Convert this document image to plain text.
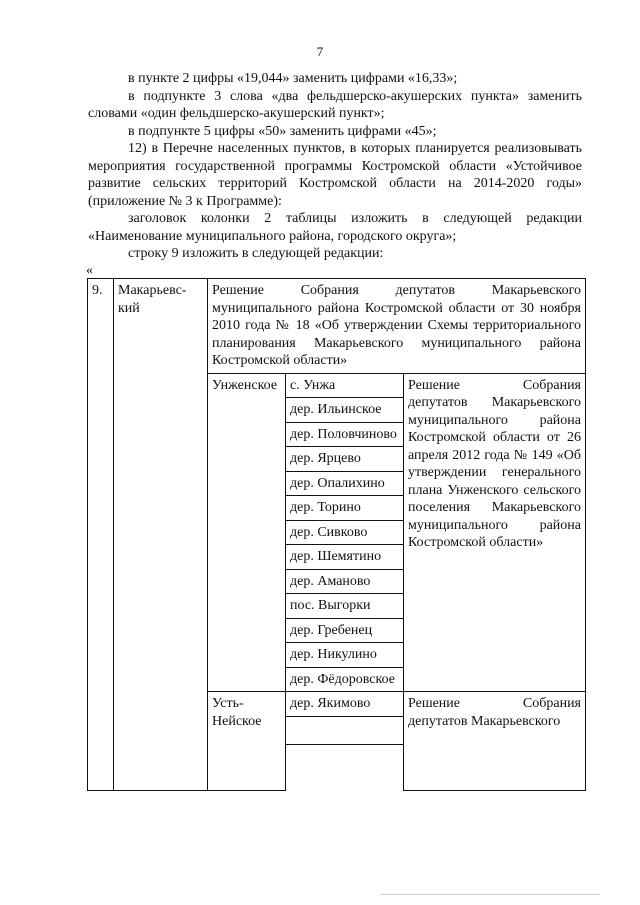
7

в пункте 2 цифры «19,044» заменить цифрами «16,33»;

в подпункте 3 слова «два фельдшерско-акушерских пункта» заменить словами «один фельдшерско-акушерский пункт»;

в подпункте 5 цифры «50» заменить цифрами «45»;

12) в Перечне населенных пунктов, в которых планируется реализовывать мероприятия государственной программы Костромской области «Устойчивое развитие сельских территорий Костромской области на 2014-2020 годы» (приложение № 3 к Программе):

заголовок колонки 2 таблицы изложить в следующей редакции «Наименование муниципального района, городского округа»;

строку 9 изложить в следующей редакции:

«
9.	Макарьевс-кий	Решение Собрания депутатов Макарьевского муниципального района Костромской области от 30 ноября 2010 года № 18 «Об утверждении Схемы территориального планирования Макарьевского муниципального района Костромской области»		
		Унженское	с. Унжа	Решение Собрания депутатов Макарьевского муниципального района Костромской области от 26 апреля 2012 года № 149 «Об утверждении генерального плана Унженского сельского поселения Макарьевского муниципального района Костромской области»
			дер. Ильинское	
			дер. Половчиново	
			дер. Ярцево	
			дер. Опалихино	
			дер. Торино	
			дер. Сивково	
			дер. Шемятино	
			дер. Аманово	
			пос. Выгорки	
			дер. Гребенец	
			дер. Никулино	
			дер. Фёдоровское	
		Усть-Нейское	дер. Якимово	Решение Собрания депутатов Макарьевского
